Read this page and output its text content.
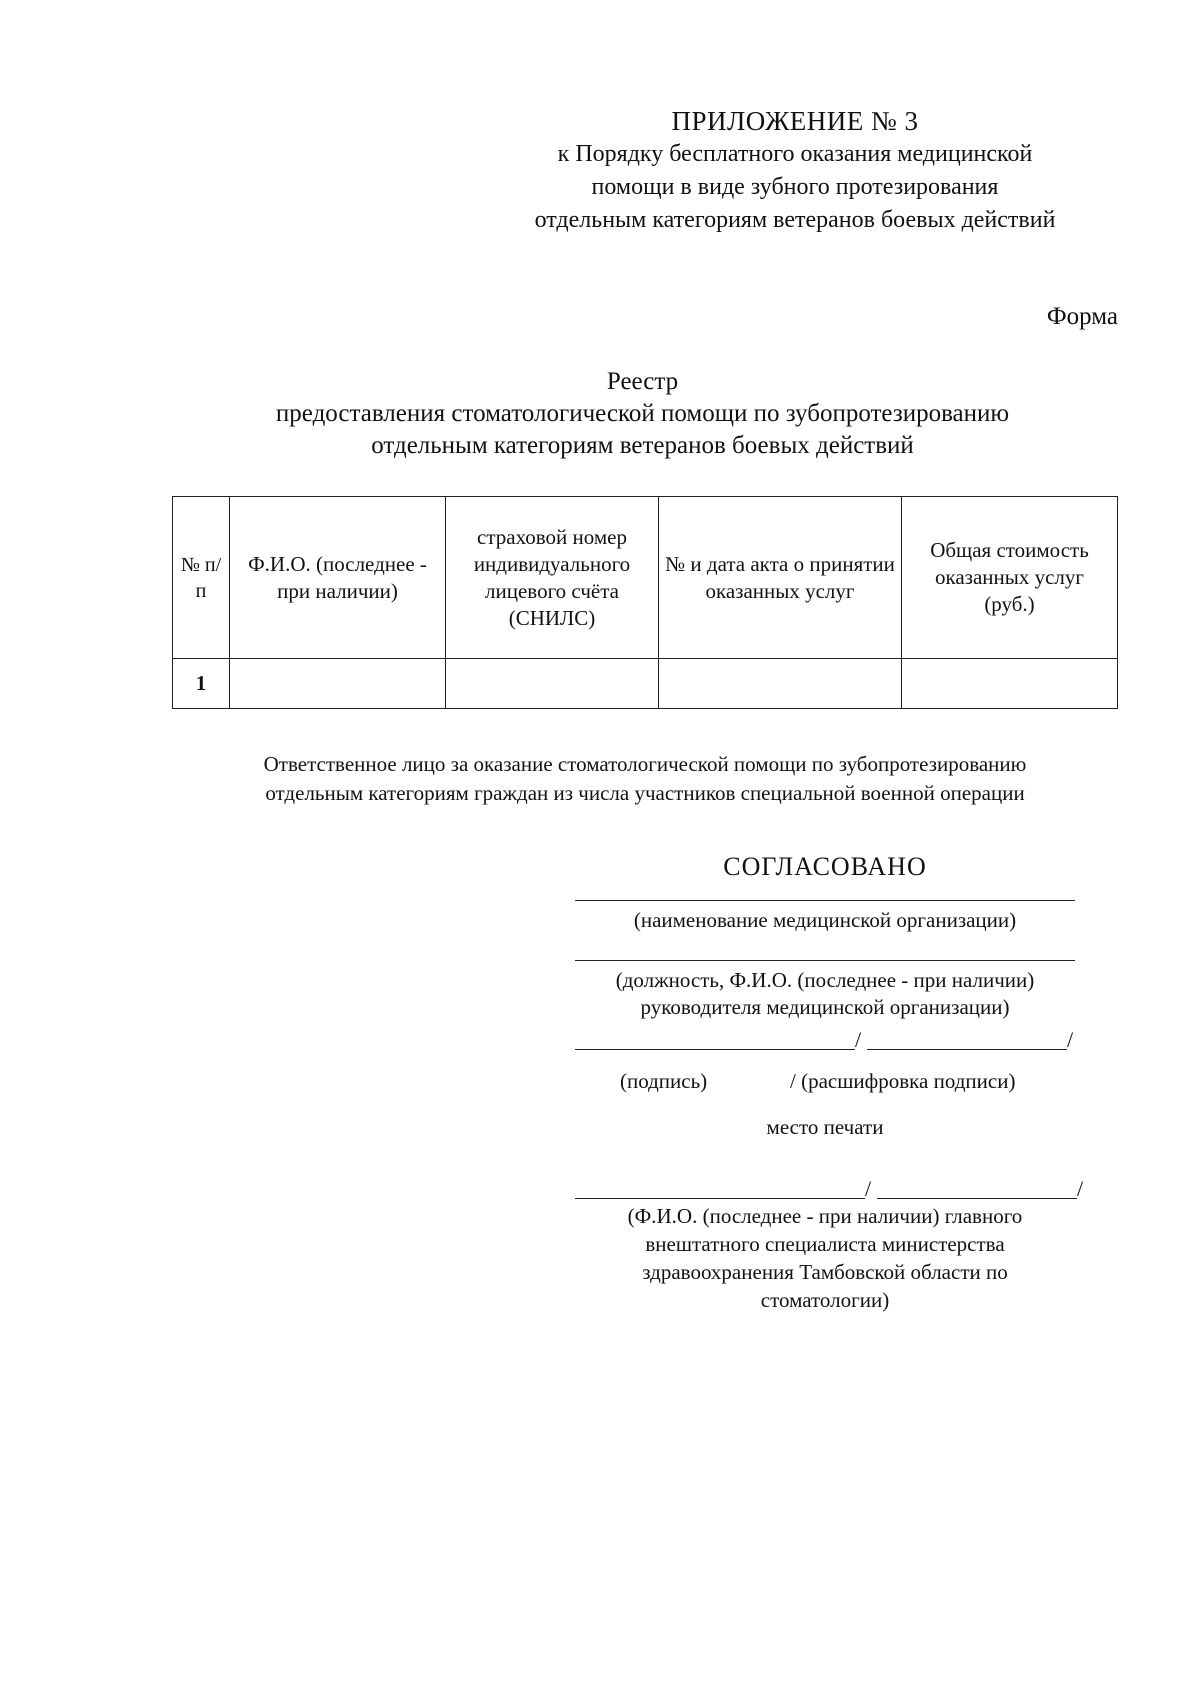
ПРИЛОЖЕНИЕ № 3
к Порядку бесплатного оказания медицинской
помощи в виде зубного протезирования
отдельным категориям ветеранов боевых действий
Форма
Реестр
предоставления стоматологической помощи по зубопротезированию
отдельным категориям ветеранов боевых действий
№ п/п	Ф.И.О. (последнее - при наличии)	страховой номер индивидуального лицевого счёта (СНИЛС)	№ и дата акта о принятии оказанных услуг	Общая стоимость оказанных услуг (руб.)
1				
Ответственное лицо за оказание стоматологической помощи по зубопротезированию
отдельным категориям граждан из числа участников специальной военной операции
СОГЛАСОВАНО
(наименование медицинской организации)
(должность, Ф.И.О. (последнее - при наличии)
руководителя медицинской организации)
/	/
(подпись)	/ (расшифровка подписи)
место печати
/	/
(Ф.И.О. (последнее - при наличии) главного
внештатного специалиста министерства
здравоохранения Тамбовской области по
стоматологии)
